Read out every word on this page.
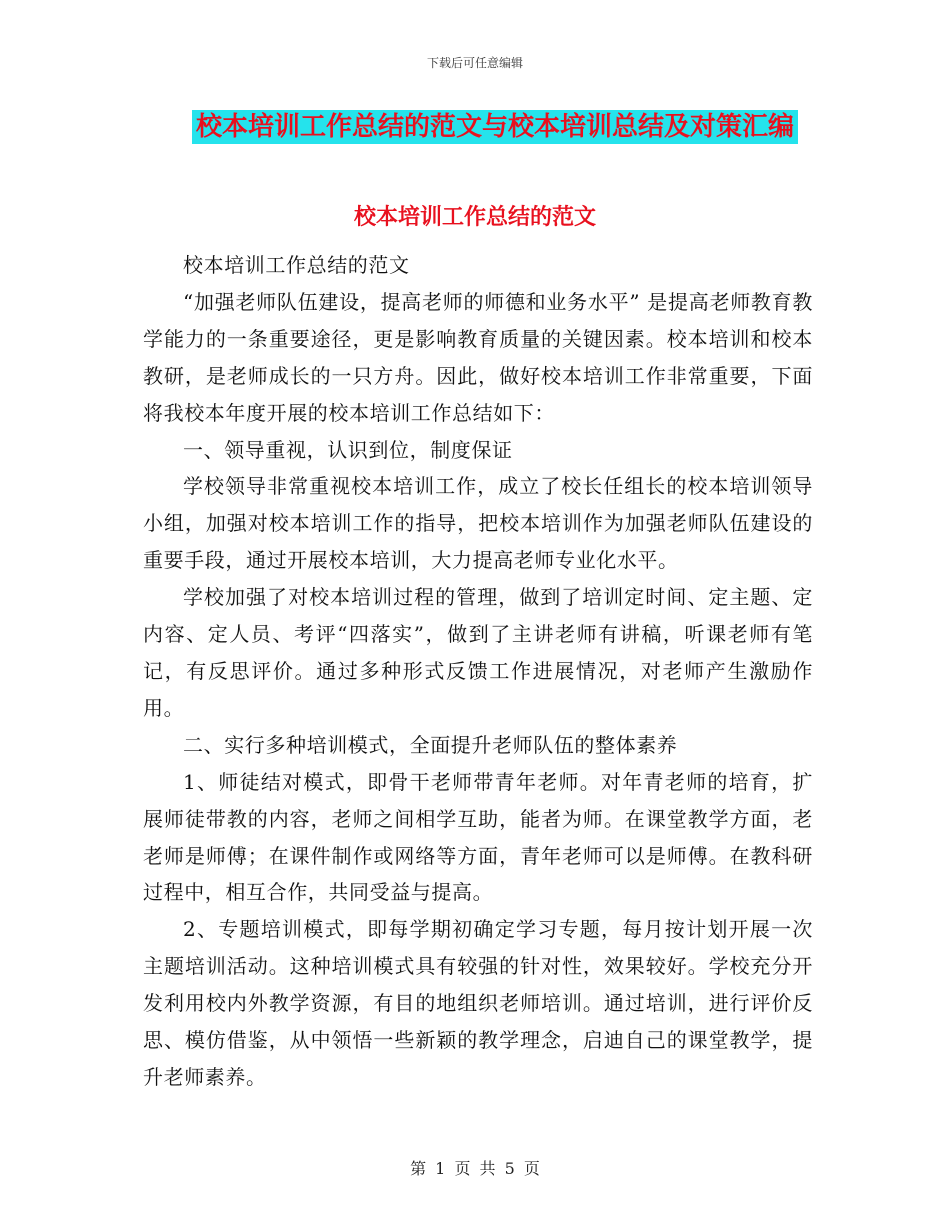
下载后可任意编辑
校本培训工作总结的范文与校本培训总结及对策汇编
校本培训工作总结的范文

校本培训工作总结的范文

“加强老师队伍建设，提高老师的师德和业务水平” 是提高老师教育教学能力的一条重要途径，更是影响教育质量的关键因素。校本培训和校本教研，是老师成长的一只方舟。因此，做好校本培训工作非常重要，下面将我校本年度开展的校本培训工作总结如下：

一、领导重视，认识到位，制度保证

学校领导非常重视校本培训工作，成立了校长任组长的校本培训领导小组，加强对校本培训工作的指导，把校本培训作为加强老师队伍建设的重要手段，通过开展校本培训，大力提高老师专业化水平。

学校加强了对校本培训过程的管理，做到了培训定时间、定主题、定内容、定人员、考评“四落实”，做到了主讲老师有讲稿，听课老师有笔记，有反思评价。通过多种形式反馈工作进展情况，对老师产生激励作用。

二、实行多种培训模式，全面提升老师队伍的整体素养

1、师徒结对模式，即骨干老师带青年老师。对年青老师的培育，扩展师徒带教的内容，老师之间相学互助，能者为师。在课堂教学方面，老老师是师傅；在课件制作或网络等方面，青年老师可以是师傅。在教科研过程中，相互合作，共同受益与提高。

2、专题培训模式，即每学期初确定学习专题，每月按计划开展一次主题培训活动。这种培训模式具有较强的针对性，效果较好。学校充分开发利用校内外教学资源，有目的地组织老师培训。通过培训，进行评价反思、模仿借鉴，从中领悟一些新颖的教学理念，启迪自己的课堂教学，提升老师素养。

第 1 页 共 5 页
